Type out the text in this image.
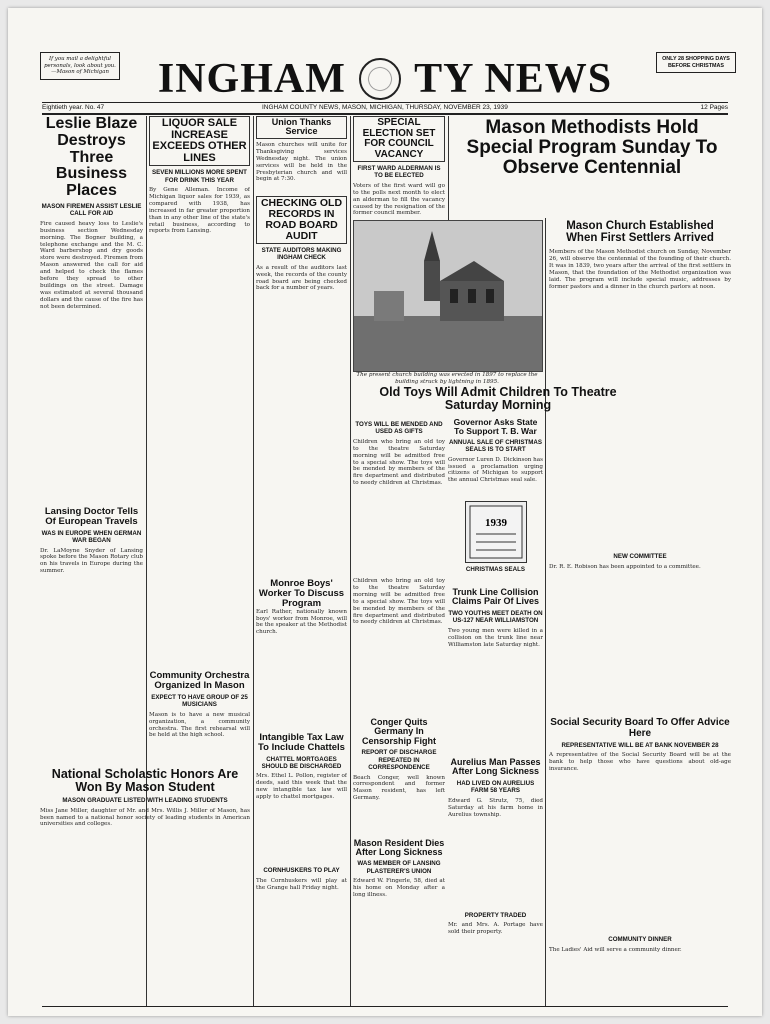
If you mail a delightful personals, look about you. —Mason of Michigan
ONLY 28 SHOPPING DAYS BEFORE CHRISTMAS
INGHAM TY NEWS
Eightieth year. No. 47	INGHAM COUNTY NEWS, MASON, MICHIGAN, THURSDAY, NOVEMBER 23, 1939	12 Pages
Leslie Blaze Destroys Three Business Places
MASON FIREMEN ASSIST LESLIE CALL FOR AID

Fire caused heavy loss to Leslie's business section Wednesday morning. The Bogner building, a telephone exchange and the M. C. Ward barbershop and dry goods store were destroyed. Firemen from Mason answered the call for aid and helped to check the flames before they spread to other buildings on the street. Damage was estimated at several thousand dollars and the cause of the fire has not been determined.

Lansing Doctor Tells Of European Travels
WAS IN EUROPE WHEN GERMAN WAR BEGAN

Dr. LaMoyne Snyder of Lansing spoke before the Mason Rotary club on his travels in Europe during the summer.

LIQUOR SALE INCREASE EXCEEDS OTHER LINES
SEVEN MILLIONS MORE SPENT FOR DRINK THIS YEAR

By Gene Alleman. Income of Michigan liquor sales for 1939, as compared with 1938, has increased in far greater proportion than in any other line of the state's retail business, according to reports from Lansing.

Community Orchestra Organized In Mason
EXPECT TO HAVE GROUP OF 25 MUSICIANS

Mason is to have a new musical organization, a community orchestra. The first rehearsal will be held at the high school.

Union Thanks Service

Mason churches will unite for Thanksgiving services Wednesday night. The union services will be held in the Presbyterian church and will begin at 7:30.

CHECKING OLD RECORDS IN ROAD BOARD AUDIT
STATE AUDITORS MAKING INGHAM CHECK

As a result of the auditors last week, the records of the county road board are being checked back for a number of years.

Monroe Boys' Worker To Discuss Program

Earl Rather, nationally known boys' worker from Monroe, will be the speaker at the Methodist church.

Intangible Tax Law To Include Chattels
CHATTEL MORTGAGES SHOULD BE DISCHARGED

Mrs. Ethel L. Pollon, register of deeds, said this week that the new intangible tax law will apply to chattel mortgages.

CORNHUSKERS TO PLAY

The Cornhuskers will play at the Grange hall Friday night.

SPECIAL ELECTION SET FOR COUNCIL VACANCY
FIRST WARD ALDERMAN IS TO BE ELECTED

Voters of the first ward will go to the polls next month to elect an alderman to fill the vacancy caused by the resignation of the former council member.

Mason Methodists Hold Special Program Sunday To Observe Centennial

The present church building was erected in 1897 to replace the building struck by lightning in 1895.

Mason Church Established When First Settlers Arrived

Members of the Mason Methodist church on Sunday, November 26, will observe the centennial of the founding of their church. It was in 1839, two years after the arrival of the first settlers in Mason, that the foundation of the Methodist organization was laid. The program will include special music, addresses by former pastors and a dinner in the church parlors at noon.

NEW COMMITTEE

Dr. R. E. Robison has been appointed to a committee.

Old Toys Will Admit Children To Theatre Saturday Morning
TOYS WILL BE MENDED AND USED AS GIFTS

Children who bring an old toy to the theatre Saturday morning will be admitted free to a special show. The toys will be mended by members of the fire department and distributed to needy children at Christmas.

Governor Asks State To Support T. B. War
ANNUAL SALE OF CHRISTMAS SEALS IS TO START

Governor Luren D. Dickinson has issued a proclamation urging citizens of Michigan to support the annual Christmas seal sale.

1939
CHRISTMAS SEALS
Trunk Line Collision Claims Pair Of Lives
TWO YOUTHS MEET DEATH ON US-127 NEAR WILLIAMSTON

Two young men were killed in a collision on the trunk line near Williamston late Saturday night.

Children who bring an old toy to the theatre Saturday morning will be admitted free to a special show. The toys will be mended by members of the fire department and distributed to needy children at Christmas.

Conger Quits Germany In Censorship Fight
REPORT OF DISCHARGE REPEATED IN CORRESPONDENCE

Beach Conger, well known correspondent and former Mason resident, has left Germany.

Mason Resident Dies After Long Sickness
WAS MEMBER OF LANSING PLASTERER'S UNION

Edward W. Fingerle, 58, died at his home on Monday after a long illness.

Aurelius Man Passes After Long Sickness
HAD LIVED ON AURELIUS FARM 58 YEARS

Edward G. Strutz, 75, died Saturday at his farm home in Aurelius township.

PROPERTY TRADED

Mr. and Mrs. A. Portage have sold their property.

Social Security Board To Offer Advice Here
REPRESENTATIVE WILL BE AT BANK NOVEMBER 28

A representative of the Social Security Board will be at the bank to help those who have questions about old-age insurance.

COMMUNITY DINNER

The Ladies' Aid will serve a community dinner.

National Scholastic Honors Are Won By Mason Student
MASON GRADUATE LISTED WITH LEADING STUDENTS

Miss Jane Miller, daughter of Mr. and Mrs. Willis J. Miller of Mason, has been named to a national honor society of leading students in American universities and colleges.
